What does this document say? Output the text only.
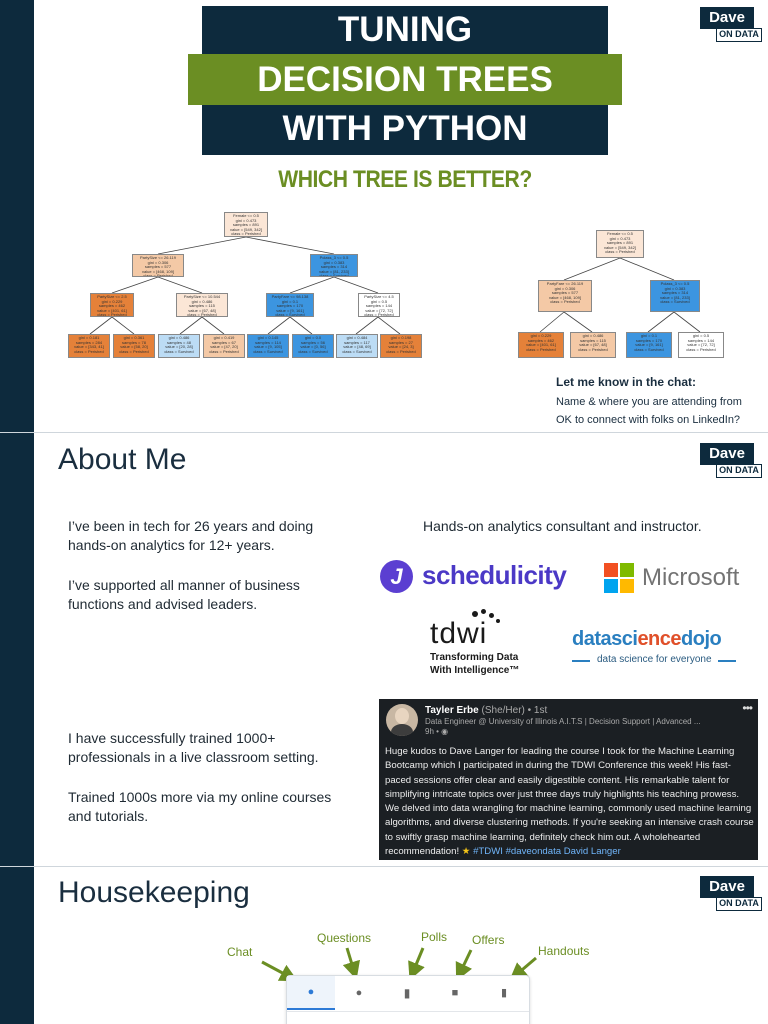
TUNING
DECISION TREES
WITH PYTHON
WHICH TREE IS BETTER?
Dave
ON DATA
Female <= 0.5
gini = 0.473
samples = 891
value = [549, 342]
class = Perished
PartySize <= 26.119
gini = 0.306
samples = 577
value = [468, 109]
class = Perished
Pclass_3 <= 0.5
gini = 0.383
samples = 314
value = [81, 233]
class = Survived
PartySize <= 2.5
gini = 0.229
samples = 462
value = [401, 61]
class = Perished
PartySize <= 10.544
gini = 0.486
samples = 115
value = [67, 48]
class = Perished
PartyFare <= 98.138
gini = 0.1
samples = 170
value = [9, 161]
class = Survived
PartySize <= 4.5
gini = 0.5
samples = 144
value = [72, 72]
class = Perished
gini = 0.181
samples = 284
value = [343, 41]
class = Perished
gini = 0.361
samples = 78
value = [58, 20]
class = Perished
gini = 0.486
samples = 48
value = [20, 28]
class = Survived
gini = 0.419
samples = 67
value = [47, 20]
class = Perished
gini = 0.145
samples = 114
value = [9, 105]
class = Survived
gini = 0.0
samples = 56
value = [0, 56]
class = Survived
gini = 0.484
samples = 117
value = [48, 69]
class = Survived
gini = 0.198
samples = 27
value = [24, 3]
class = Perished
Female <= 0.5
gini = 0.473
samples = 891
value = [549, 342]
class = Perished
PartyFare <= 26.119
gini = 0.306
samples = 577
value = [468, 109]
class = Perished
Pclass_3 <= 0.5
gini = 0.383
samples = 314
value = [81, 233]
class = Survived
gini = 0.229
samples = 462
value = [401, 61]
class = Perished
gini = 0.486
samples = 115
value = [67, 48]
class = Perished
gini = 0.1
samples = 170
value = [9, 161]
class = Survived
gini = 0.5
samples = 144
value = [72, 72]
class = Perished
Let me know in the chat:
Name & where you are attending from
OK to connect with folks on LinkedIn?
About Me	Dave
ON DATA
I’ve been in tech for 26 years and doing hands-on analytics for 12+ years.
I’ve supported all manner of business functions and advised leaders.
I have successfully trained 1000+ professionals in a live classroom setting.
Trained 1000s more via my online courses and tutorials.
Hands-on analytics consultant and instructor.
J schedulicity	Microsoft
tdwi
Transforming Data
With Intelligence™
datasciencedojo
data science for everyone
Tayler Erbe (She/Her) • 1st
Data Engineer @ University of Illinois A.I.T.S | Decision Support | Advanced ...
9h • ◉
•••
Huge kudos to Dave Langer for leading the course I took for the Machine Learning Bootcamp which I participated in during the TDWI Conference this week! His fast-paced sessions offer clear and easily digestible content. His remarkable talent for simplifying intricate topics over just three days truly highlights his teaching prowess. We delved into data wrangling for machine learning, commonly used machine learning algorithms, and diverse clustering methods. If you're seeking an intensive crash course to swiftly grasp machine learning, definitely check him out. A wholehearted recommendation! ★ #TDWI #daveondata David Langer
Housekeeping	Dave
ON DATA
Chat
Questions	Polls Offers
Handouts
●	●	▮	■	▮
